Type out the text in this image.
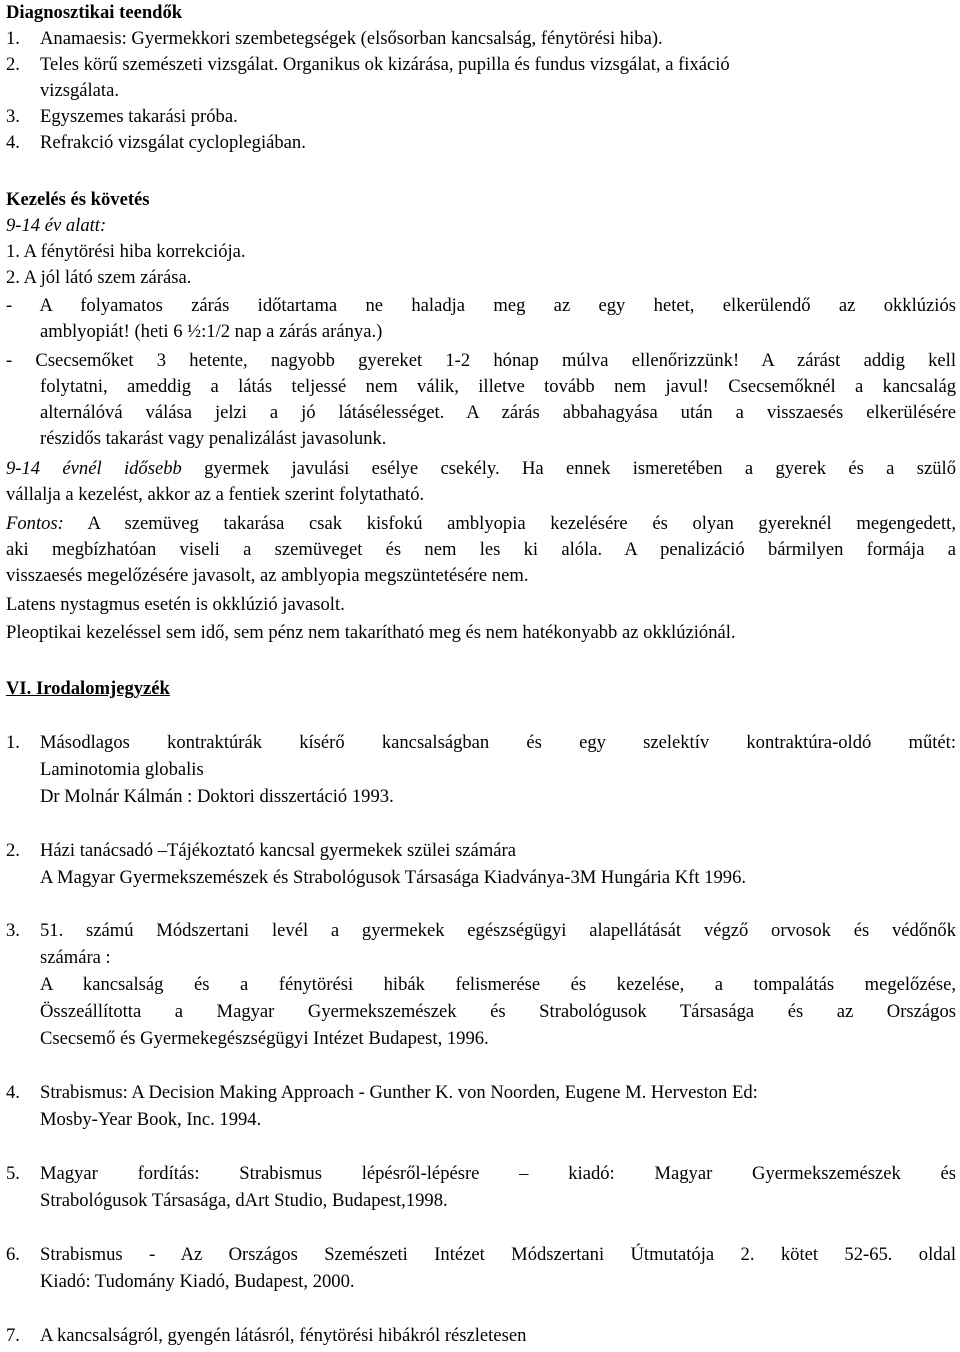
Diagnosztikai teendők
1. Anamaesis: Gyermekkori szembetegségek (elsősorban kancsalság, fénytörési hiba).
2. Teles körű szemészeti vizsgálat. Organikus ok kizárása, pupilla és fundus vizsgálat, a fixáció
vizsgálata.
3. Egyszemes takarási próba.
4. Refrakció vizsgálat cycloplegiában.
Kezelés és követés
9-14 év alatt:
1. A fénytörési hiba korrekciója.
2. A jól látó szem zárása.
- A folyamatos zárás időtartama ne haladja meg az egy hetet, elkerülendő az okklúziós
amblyopiát! (heti 6 ½:1/2 nap a zárás aránya.)
- Csecsemőket 3 hetente, nagyobb gyereket 1-2 hónap múlva ellenőrizzünk! A zárást addig kell
folytatni, ameddig a látás teljessé nem válik, illetve tovább nem javul! Csecsemőknél a kancsalág
alternálóvá válása jelzi a jó látásélességet. A zárás abbahagyása után a visszaesés elkerülésére
részidős takarást vagy penalizálást javasolunk.
9-14 évnél idősebb gyermek javulási esélye csekély. Ha ennek ismeretében a gyerek és a szülő
vállalja a kezelést, akkor az a fentiek szerint folytatható.
Fontos: A szemüveg takarása csak kisfokú amblyopia kezelésére és olyan gyereknél megengedett,
aki megbízhatóan viseli a szemüveget és nem les ki alóla. A penalizáció bármilyen formája a
visszaesés megelőzésére javasolt, az amblyopia megszüntetésére nem.
Latens nystagmus esetén is okklúzió javasolt.
Pleoptikai kezeléssel sem idő, sem pénz nem takarítható meg és nem hatékonyabb az okklúziónál.
VI. Irodalomjegyzék
1. Másodlagos kontraktúrák kísérő kancsalságban és egy szelektív kontraktúra-oldó műtét:
Laminotomia globalis
Dr Molnár Kálmán : Doktori disszertáció 1993.
2. Házi tanácsadó –Tájékoztató kancsal gyermekek szülei számára
A Magyar Gyermekszemészek és Strabológusok Társasága Kiadványa-3M Hungária Kft 1996.
3. 51. számú Módszertani levél a gyermekek egészségügyi alapellátását végző orvosok és védőnők
számára :
A kancsalság és a fénytörési hibák felismerése és kezelése, a tompalátás megelőzése,
Összeállította a Magyar Gyermekszemészek és Strabológusok Társasága és az Országos
Csecsemő és Gyermekegészségügyi Intézet Budapest, 1996.
4. Strabismus: A Decision Making Approach - Gunther K. von Noorden, Eugene M. Herveston Ed:
Mosby-Year Book, Inc. 1994.
5. Magyar fordítás: Strabismus lépésről-lépésre – kiadó: Magyar Gyermekszemészek és
Strabológusok Társasága, dArt Studio, Budapest,1998.
6. Strabismus - Az Országos Szemészeti Intézet Módszertani Útmutatója 2. kötet 52-65. oldal
Kiadó: Tudomány Kiadó, Budapest, 2000.
7. A kancsalságról, gyengén látásról, fénytörési hibákról részletesen
